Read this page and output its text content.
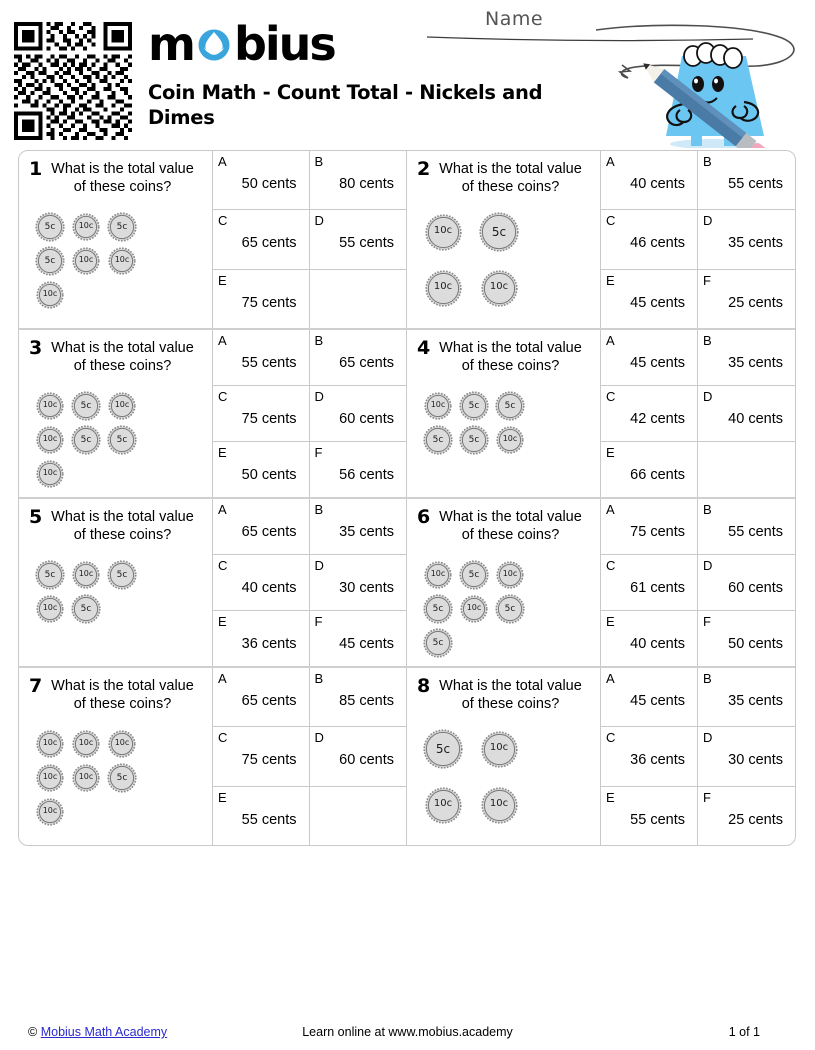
m bius
Coin Math - Count Total - Nickels and Dimes
Name
1 What is the total value of these coins?
5c	10c	5c
5c	10c	10c
10c
A
50 cents
B
80 cents
C
65 cents
D
55 cents
E
75 cents
2 What is the total value of these coins?
10c	5c
10c	10c
A
40 cents
B
55 cents
C
46 cents
D
35 cents
E
45 cents
F
25 cents
3 What is the total value of these coins?
10c	5c	10c
10c	5c	5c
10c
A
55 cents
B
65 cents
C
75 cents
D
60 cents
E
50 cents
F
56 cents
4 What is the total value of these coins?
10c	5c	5c
5c	5c	10c
A
45 cents
B
35 cents
C
42 cents
D
40 cents
E
66 cents
5 What is the total value of these coins?
5c	10c	5c
10c	5c
A
65 cents
B
35 cents
C
40 cents
D
30 cents
E
36 cents
F
45 cents
6 What is the total value of these coins?
10c	5c	10c
5c	10c	5c
5c
A
75 cents
B
55 cents
C
61 cents
D
60 cents
E
40 cents
F
50 cents
7 What is the total value of these coins?
10c	10c	10c
10c	10c	5c
10c
A
65 cents
B
85 cents
C
75 cents
D
60 cents
E
55 cents
8 What is the total value of these coins?
5c	10c
10c	10c
A
45 cents
B
35 cents
C
36 cents
D
30 cents
E
55 cents
F
25 cents
© Mobius Math Academy	Learn online at www.mobius.academy	1 of 1
